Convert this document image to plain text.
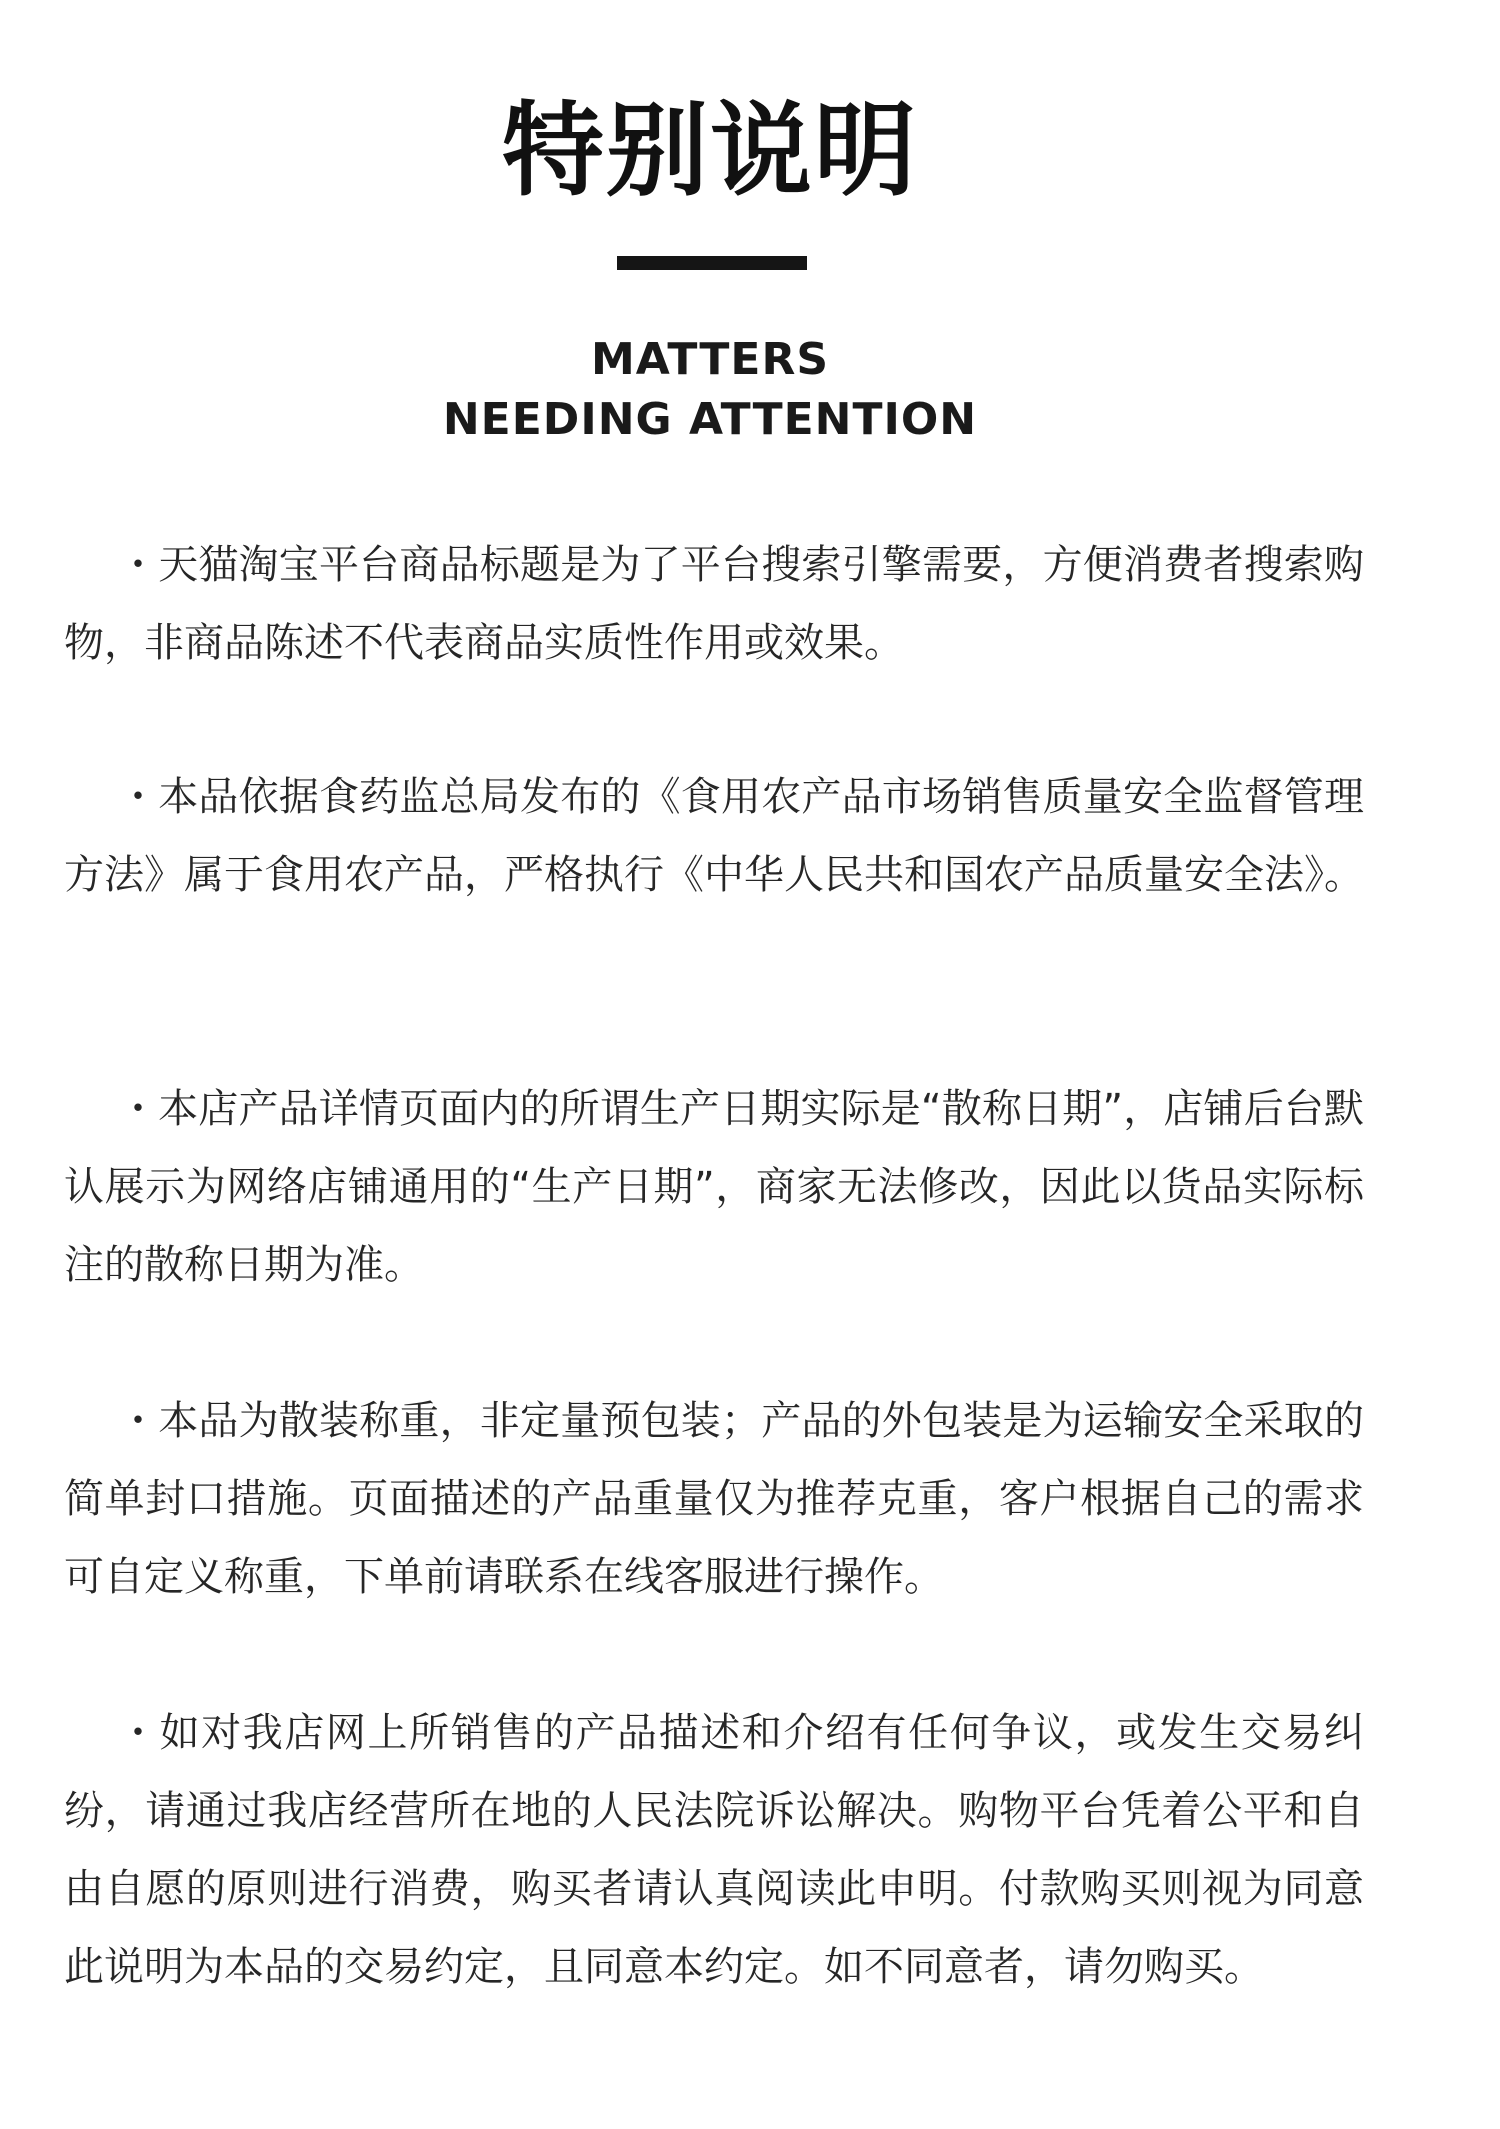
特别说明
MATTERS
NEEDING ATTENTION

・天猫淘宝平台商品标题是为了平台搜索引擎需要，方便消费者搜索购物，非商品陈述不代表商品实质性作用或效果。

・本品依据食药监总局发布的《食用农产品市场销售质量安全监督管理方法》属于食用农产品，严格执行《中华人民共和国农产品质量安全法》。

・本店产品详情页面内的所谓生产日期实际是“散称日期”，店铺后台默认展示为网络店铺通用的“生产日期”，商家无法修改，因此以货品实际标注的散称日期为准。

・本品为散装称重，非定量预包装；产品的外包装是为运输安全采取的简单封口措施。页面描述的产品重量仅为推荐克重，客户根据自己的需求可自定义称重，下单前请联系在线客服进行操作。

・如对我店网上所销售的产品描述和介绍有任何争议，或发生交易纠纷，请通过我店经营所在地的人民法院诉讼解决。购物平台凭着公平和自由自愿的原则进行消费，购买者请认真阅读此申明。付款购买则视为同意此说明为本品的交易约定，且同意本约定。如不同意者，请勿购买。
